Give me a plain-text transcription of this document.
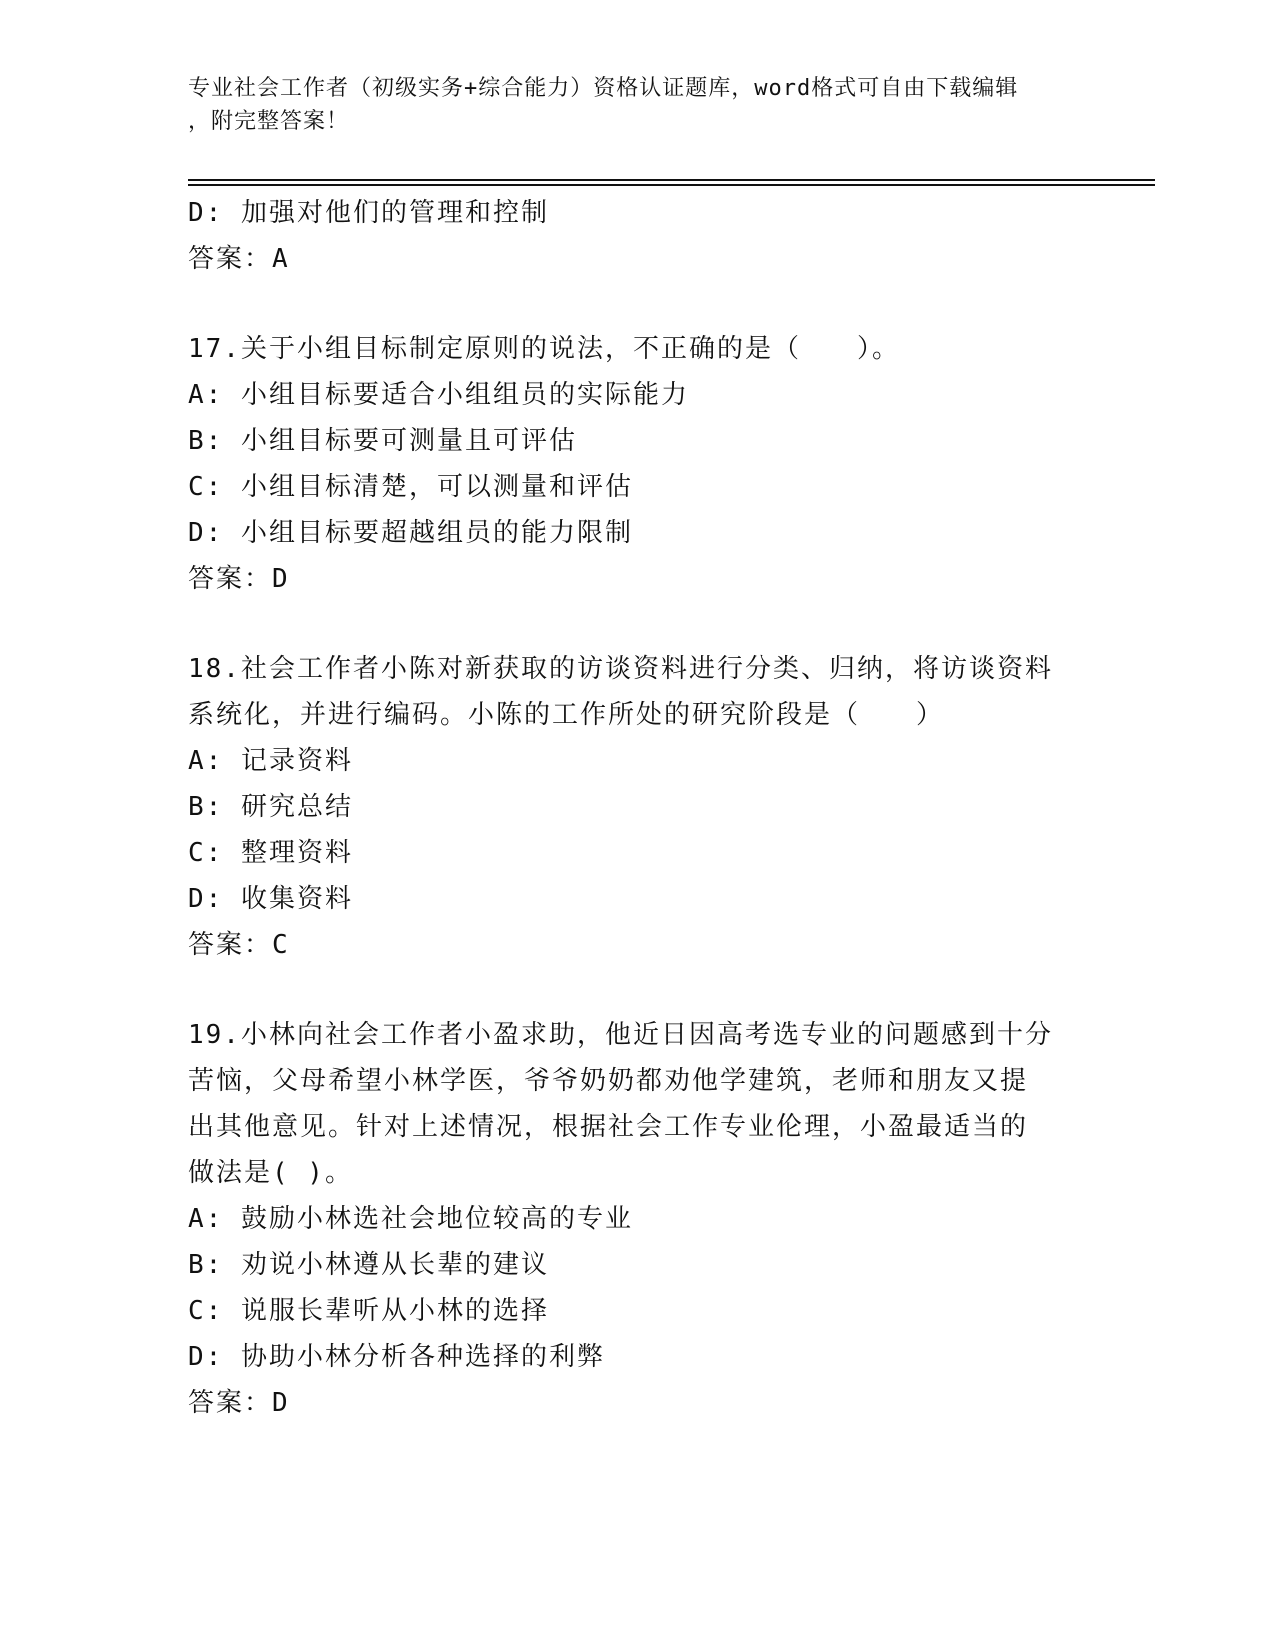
专业社会工作者（初级实务+综合能力）资格认证题库，word格式可自由下载编辑
，附完整答案！
D: 加强对他们的管理和控制
答案：A
17.关于小组目标制定原则的说法，不正确的是（　　）。
A: 小组目标要适合小组组员的实际能力
B: 小组目标要可测量且可评估
C: 小组目标清楚，可以测量和评估
D: 小组目标要超越组员的能力限制
答案：D
18.社会工作者小陈对新获取的访谈资料进行分类、归纳，将访谈资料
系统化，并进行编码。小陈的工作所处的研究阶段是（　　）
A: 记录资料
B: 研究总结
C: 整理资料
D: 收集资料
答案：C
19.小林向社会工作者小盈求助，他近日因高考选专业的问题感到十分
苦恼，父母希望小林学医，爷爷奶奶都劝他学建筑，老师和朋友又提
出其他意见。针对上述情况，根据社会工作专业伦理，小盈最适当的
做法是( )。
A: 鼓励小林选社会地位较高的专业
B: 劝说小林遵从长辈的建议
C: 说服长辈听从小林的选择
D: 协助小林分析各种选择的利弊
答案：D
